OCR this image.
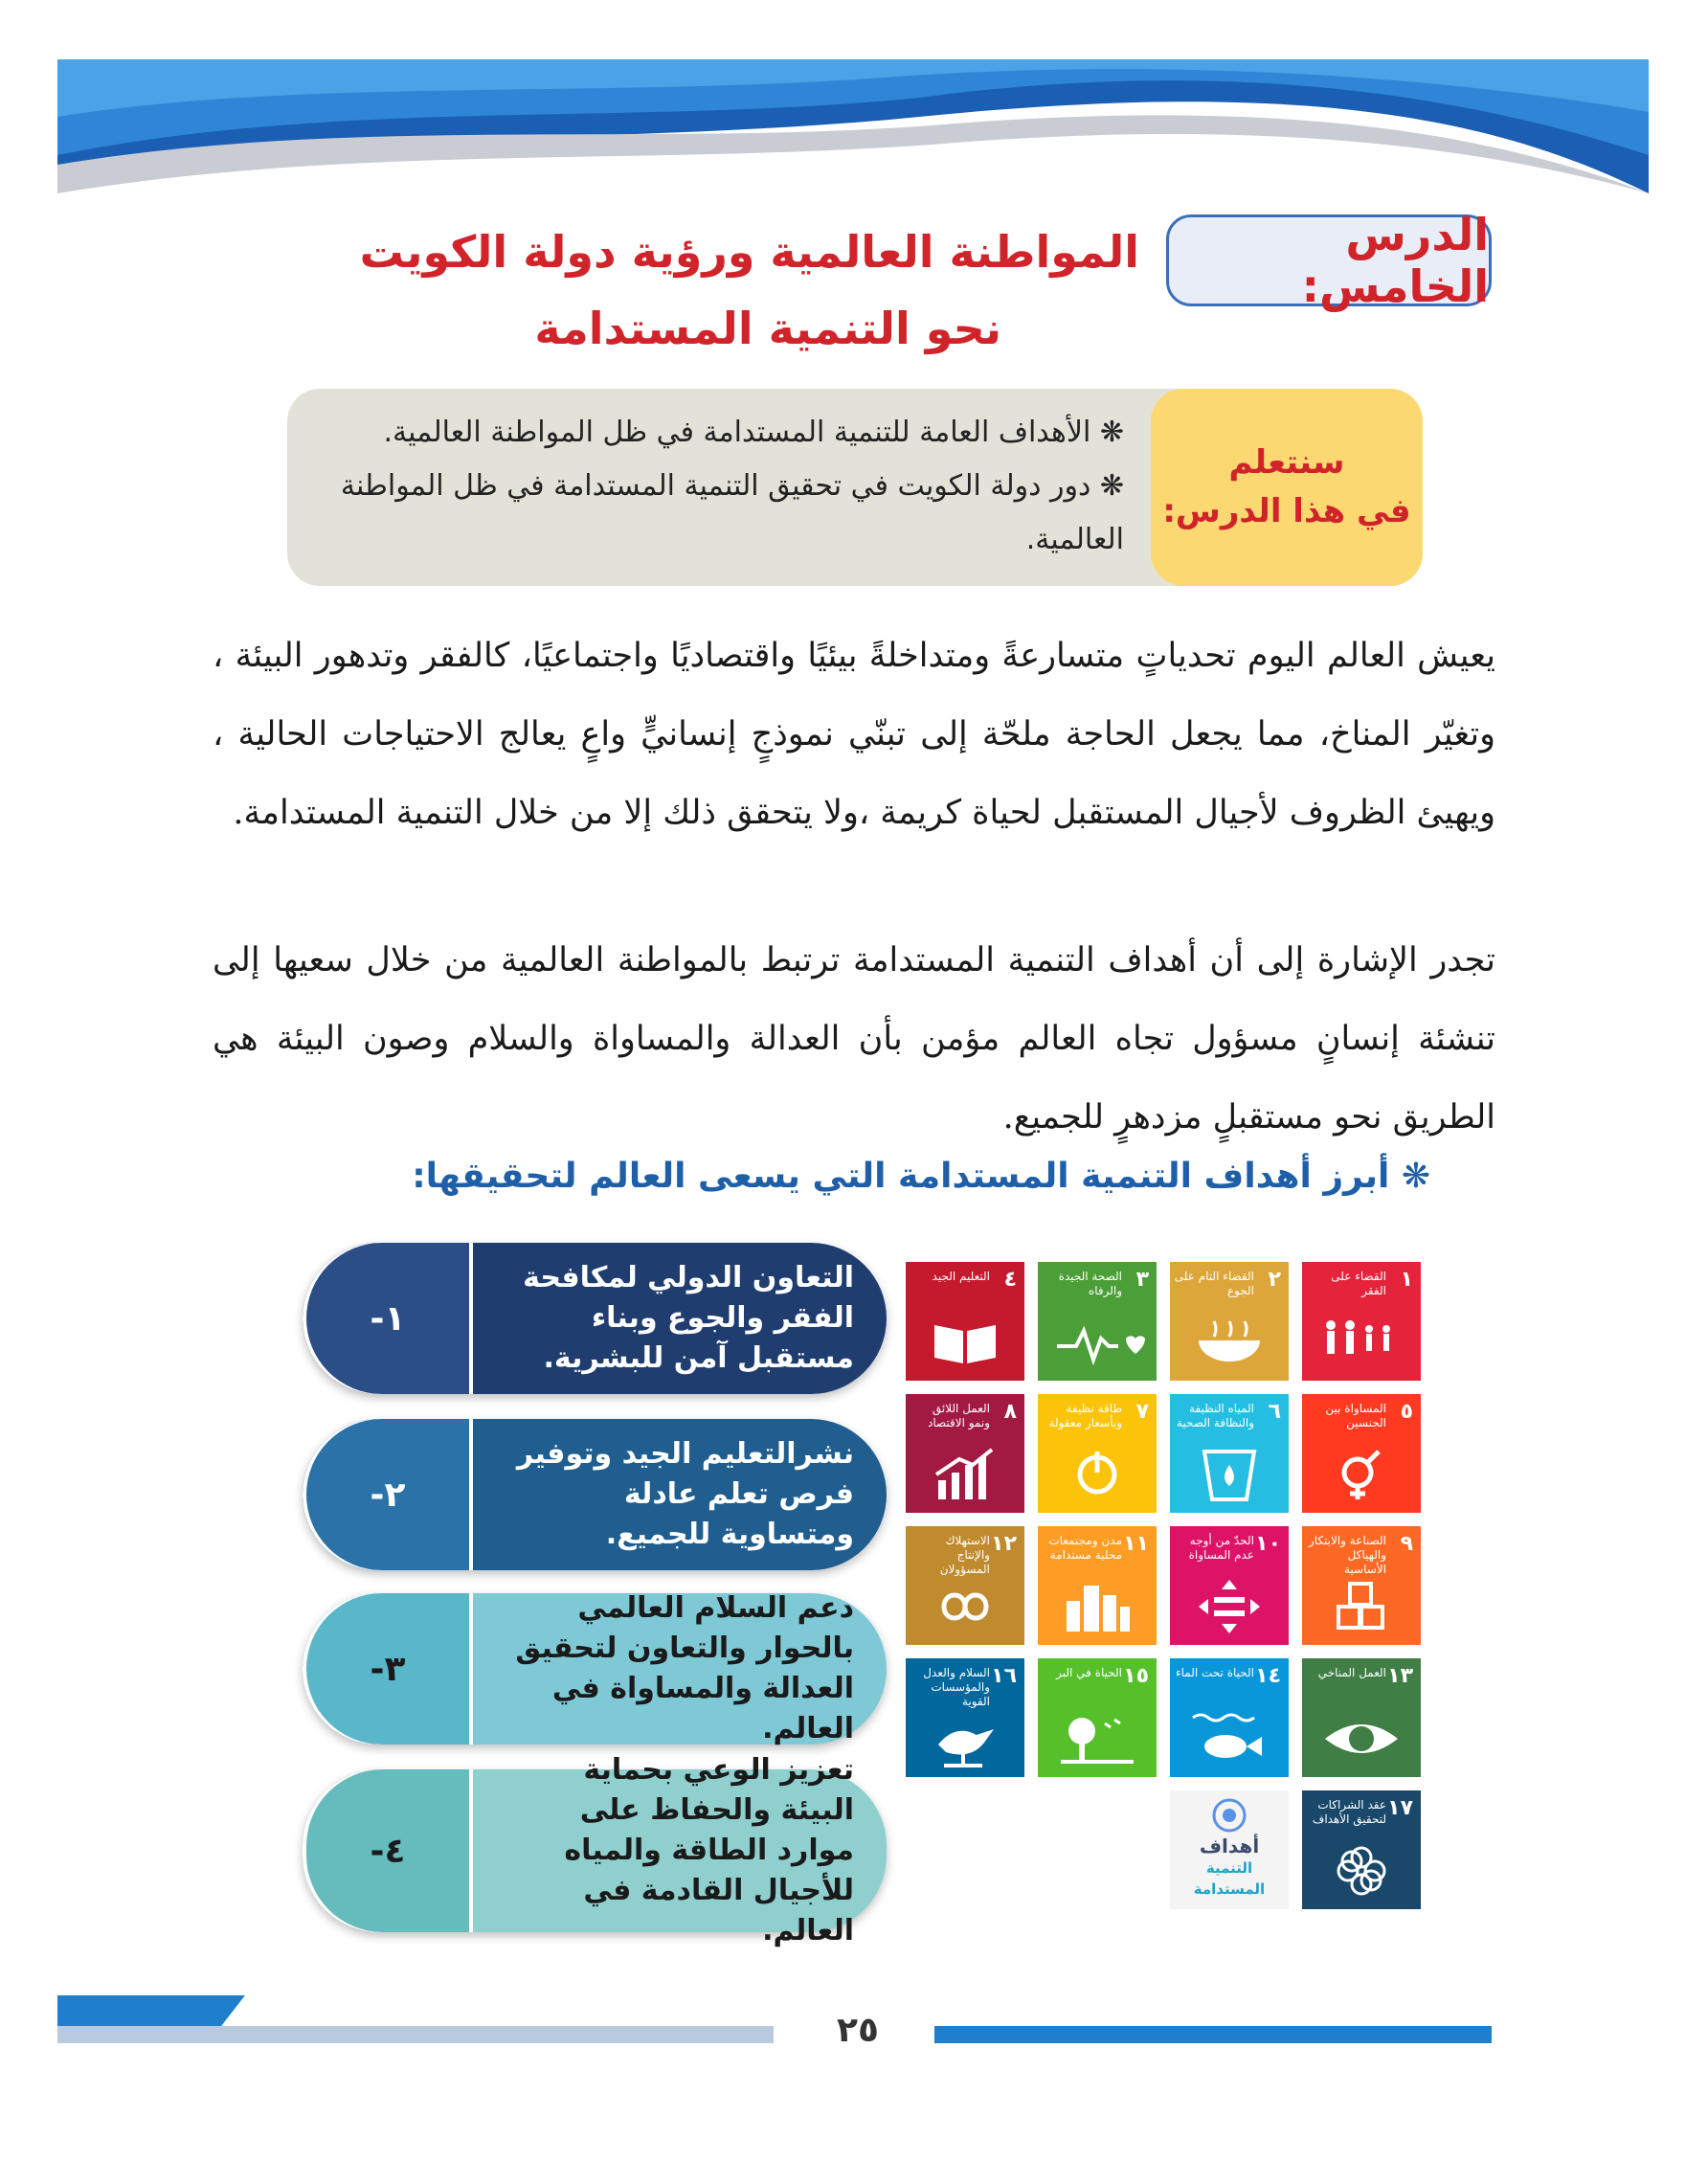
الدرس الخامس:
المواطنة العالمية ورؤية دولة الكويت
نحو التنمية المستدامة
سنتعلم
في هذا الدرس:
❋ الأهداف العامة للتنمية المستدامة في ظل المواطنة العالمية.
❋ دور دولة الكويت في تحقيق التنمية المستدامة في ظل المواطنة العالمية.
يعيش العالم اليوم تحدياتٍ متسارعةً ومتداخلةً بيئيًا واقتصاديًا واجتماعيًا، كالفقر وتدهور البيئة ، وتغيّر المناخ، مما يجعل الحاجة ملحّة إلى تبنّي نموذجٍ إنسانيٍّ واعٍ يعالج الاحتياجات الحالية ، ويهيئ الظروف لأجيال المستقبل لحياة كريمة ،ولا يتحقق ذلك إلا من خلال التنمية المستدامة.
تجدر الإشارة إلى أن أهداف التنمية المستدامة ترتبط بالمواطنة العالمية من خلال سعيها إلى تنشئة إنسانٍ مسؤول تجاه العالم مؤمن بأن العدالة والمساواة والسلام وصون البيئة هي الطريق نحو مستقبلٍ مزدهرٍ للجميع.
❋ أبرز أهداف التنمية المستدامة التي يسعى العالم لتحقيقها:
التعاون الدولي لمكافحة الفقر والجوع وبناء مستقبل آمن للبشرية.
١-
نشرالتعليم الجيد وتوفير فرص تعلم عادلة ومتساوية للجميع.
٢-
دعم السلام العالمي بالحوار والتعاون لتحقيق العدالة والمساواة في العالم.
٣-
تعزيز الوعي بحماية البيئة والحفاظ على موارد الطاقة والمياه للأجيال القادمة في العالم.
٤-
١
القضاء على الفقر
٢
القضاء التام على الجوع
٣
الصحة الجيدة والرفاه
٤
التعليم الجيد
٥
المساواة بين الجنسين
٦
المياه النظيفة والنظافة الصحية
٧
طاقة نظيفة وبأسعار معقولة
٨
العمل اللائق ونمو الاقتصاد
٩
الصناعة والابتكار والهياكل الأساسية
١٠
الحدّ من أوجه عدم المساواة
١١
مدن ومجتمعات محلية مستدامة
١٢
الاستهلاك والإنتاج المسؤولان
١٣
العمل المناخي
١٤
الحياة تحت الماء
١٥
الحياة في البر
١٦
السلام والعدل والمؤسسات القوية
١٧
عقد الشراكات لتحقيق الأهداف
أهداف
التنمية
المستدامة
٢٥
